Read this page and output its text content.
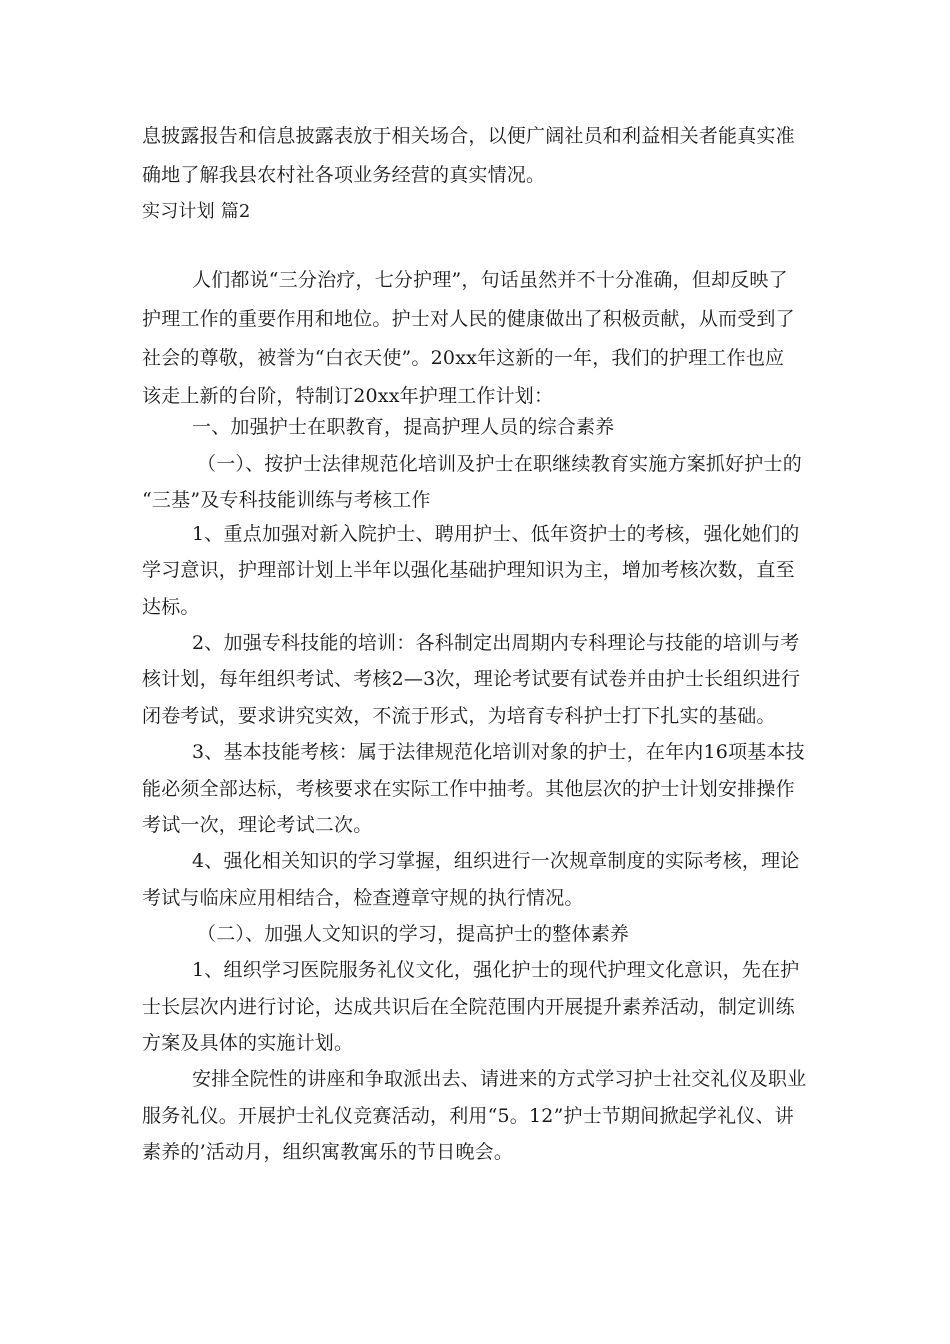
息披露报告和信息披露表放于相关场合，以便广阔社员和利益相关者能真实准
确地了解我县农村社各项业务经营的真实情况。
实习计划 篇2
人们都说“三分治疗，七分护理”，句话虽然并不十分准确，但却反映了
护理工作的重要作用和地位。护士对人民的健康做出了积极贡献，从而受到了
社会的尊敬，被誉为“白衣天使”。20xx年这新的一年，我们的护理工作也应
该走上新的台阶，特制订20xx年护理工作计划：
一、加强护士在职教育，提高护理人员的综合素养
（一）、按护士法律规范化培训及护士在职继续教育实施方案抓好护士的
“三基”及专科技能训练与考核工作
1、重点加强对新入院护士、聘用护士、低年资护士的考核，强化她们的
学习意识，护理部计划上半年以强化基础护理知识为主，增加考核次数，直至
达标。
2、加强专科技能的培训：各科制定出周期内专科理论与技能的培训与考
核计划，每年组织考试、考核2—3次，理论考试要有试卷并由护士长组织进行
闭卷考试，要求讲究实效，不流于形式，为培育专科护士打下扎实的基础。
3、基本技能考核：属于法律规范化培训对象的护士，在年内16项基本技
能必须全部达标，考核要求在实际工作中抽考。其他层次的护士计划安排操作
考试一次，理论考试二次。
4、强化相关知识的学习掌握，组织进行一次规章制度的实际考核，理论
考试与临床应用相结合，检查遵章守规的执行情况。
（二）、加强人文知识的学习，提高护士的整体素养
1、组织学习医院服务礼仪文化，强化护士的现代护理文化意识，先在护
士长层次内进行讨论，达成共识后在全院范围内开展提升素养活动，制定训练
方案及具体的实施计划。
安排全院性的讲座和争取派出去、请进来的方式学习护士社交礼仪及职业
服务礼仪。开展护士礼仪竞赛活动，利用“5。12”护士节期间掀起学礼仪、讲
素养的’活动月，组织寓教寓乐的节日晚会。
